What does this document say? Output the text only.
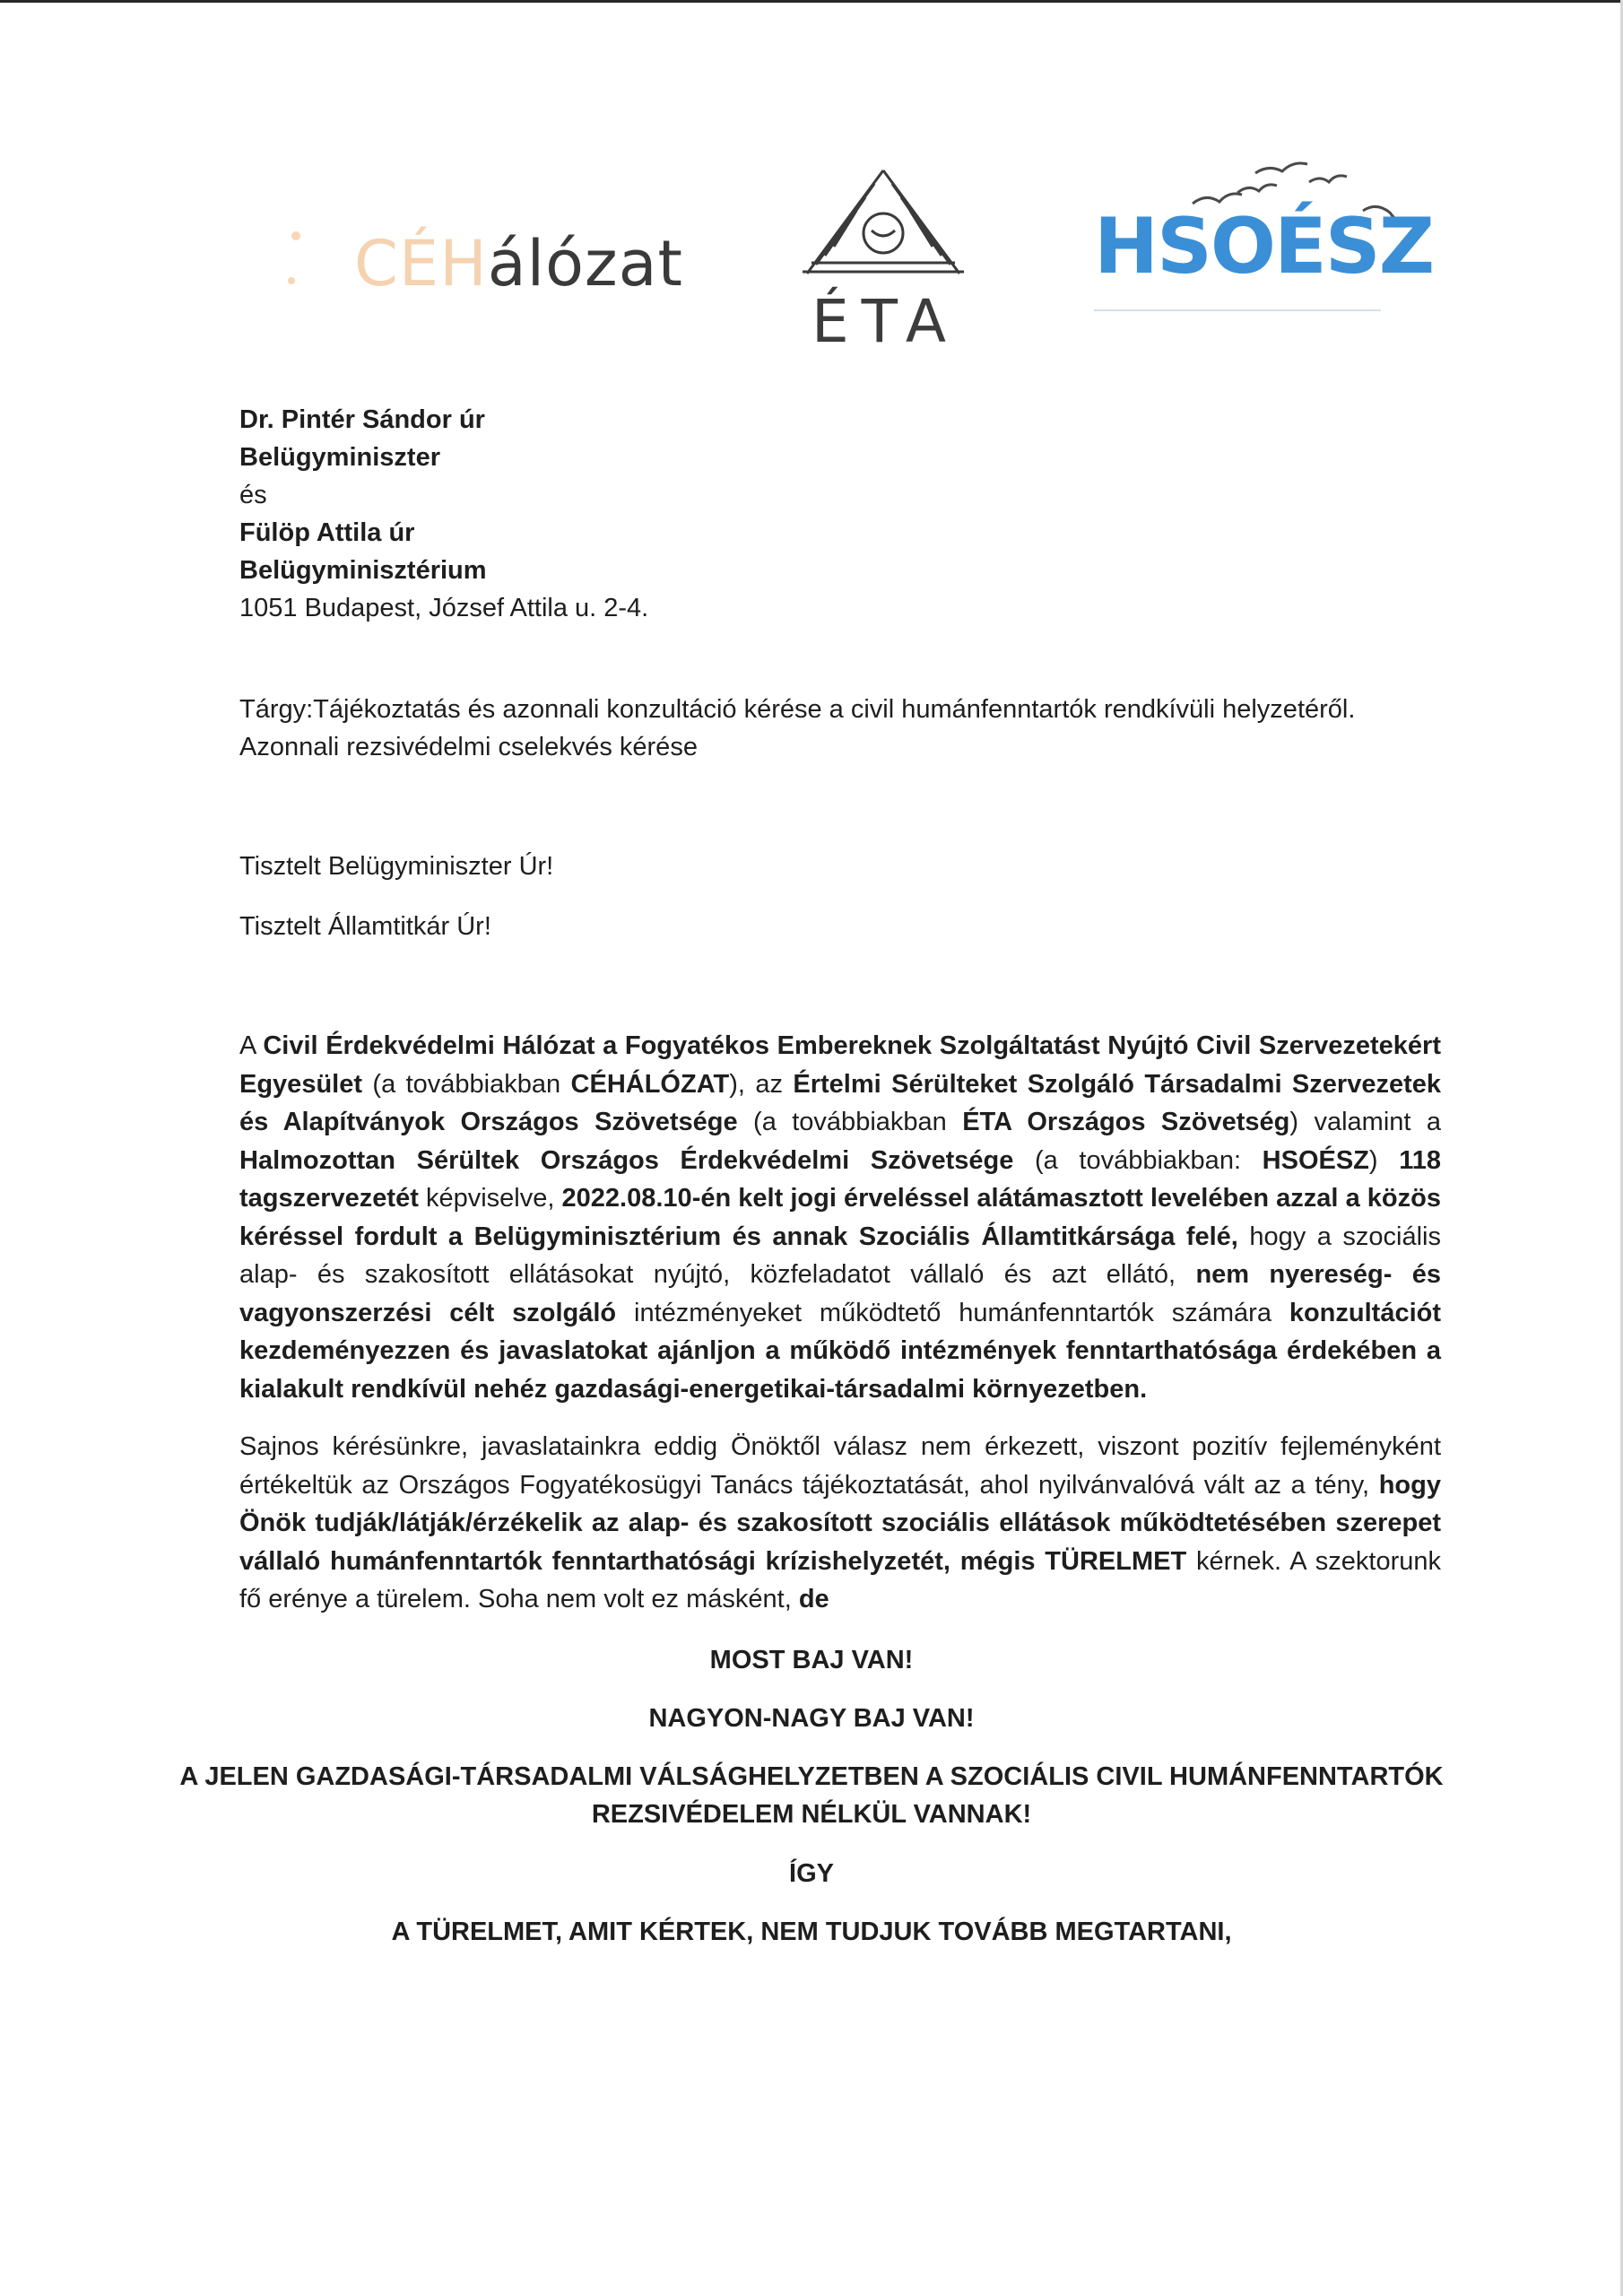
CÉHálózat
ÉTA
HSOÉSZ
Dr. Pintér Sándor úr
Belügyminiszter
és
Fülöp Attila úr
Belügyminisztérium
1051 Budapest, József Attila u. 2-4.
Tárgy:Tájékoztatás és azonnali konzultáció kérése a civil humánfenntartók rendkívüli helyzetéről.
Azonnali rezsivédelmi cselekvés kérése
Tisztelt Belügyminiszter Úr!
Tisztelt Államtitkár Úr!
A Civil Érdekvédelmi Hálózat a Fogyatékos Embereknek Szolgáltatást Nyújtó Civil Szervezetekért Egyesület (a továbbiakban CÉHÁLÓZAT), az Értelmi Sérülteket Szolgáló Társadalmi Szervezetek és Alapítványok Országos Szövetsége (a továbbiakban ÉTA Országos Szövetség) valamint a Halmozottan Sérültek Országos Érdekvédelmi Szövetsége (a továbbiakban: HSOÉSZ) 118 tagszervezetét képviselve, 2022.08.10-én kelt jogi érveléssel alátámasztott levelében azzal a közös kéréssel fordult a Belügyminisztérium és annak Szociális Államtitkársága felé, hogy a szociális alap- és szakosított ellátásokat nyújtó, közfeladatot vállaló és azt ellátó, nem nyereség- és vagyonszerzési célt szolgáló intézményeket működtető humánfenntartók számára konzultációt kezdeményezzen és javaslatokat ajánljon a működő intézmények fenntarthatósága érdekében a kialakult rendkívül nehéz gazdasági-energetikai-társadalmi környezetben.
Sajnos kérésünkre, javaslatainkra eddig Önöktől válasz nem érkezett, viszont pozitív fejleményként értékeltük az Országos Fogyatékosügyi Tanács tájékoztatását, ahol nyilvánvalóvá vált az a tény, hogy Önök tudják/látják/érzékelik az alap- és szakosított szociális ellátások működtetésében szerepet vállaló humánfenntartók fenntarthatósági krízishelyzetét, mégis TÜRELMET kérnek. A szektorunk fő erénye a türelem. Soha nem volt ez másként, de
MOST BAJ VAN!
NAGYON-NAGY BAJ VAN!
A JELEN GAZDASÁGI-TÁRSADALMI VÁLSÁGHELYZETBEN A SZOCIÁLIS CIVIL HUMÁNFENNTARTÓK
REZSIVÉDELEM NÉLKÜL VANNAK!
ÍGY
A TÜRELMET, AMIT KÉRTEK, NEM TUDJUK TOVÁBB MEGTARTANI,
